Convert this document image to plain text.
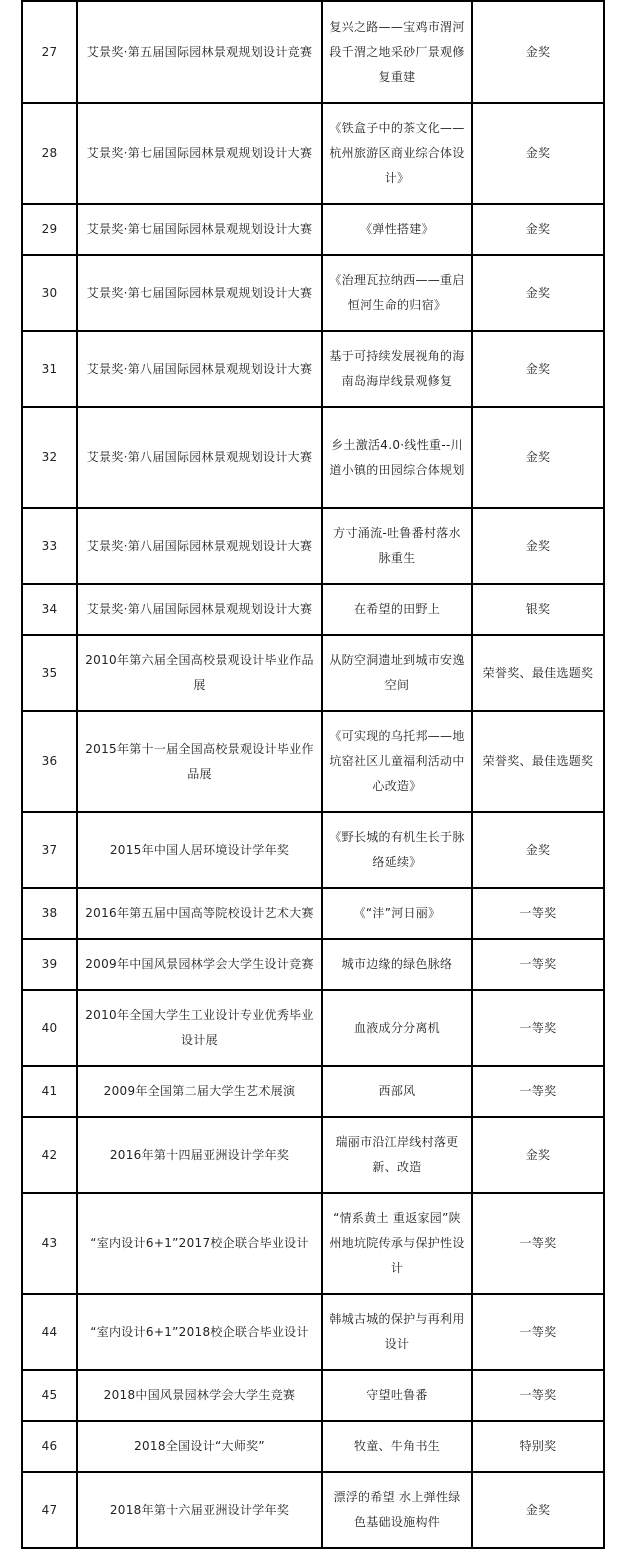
27	艾景奖·第五届国际园林景观规划设计竞赛	复兴之路——宝鸡市渭河段千渭之地采砂厂景观修复重建	金奖
28	艾景奖·第七届国际园林景观规划设计大赛	《铁盒子中的茶文化——杭州旅游区商业综合体设计》	金奖
29	艾景奖·第七届国际园林景观规划设计大赛	《弹性搭建》	金奖
30	艾景奖·第七届国际园林景观规划设计大赛	《治理瓦拉纳西——重启恒河生命的归宿》	金奖
31	艾景奖·第八届国际园林景观规划设计大赛	基于可持续发展视角的海南岛海岸线景观修复	金奖
32	艾景奖·第八届国际园林景观规划设计大赛	乡土激活4.0·线性重--川道小镇的田园综合体规划	金奖
33	艾景奖·第八届国际园林景观规划设计大赛	方寸涌流-吐鲁番村落水脉重生	金奖
34	艾景奖·第八届国际园林景观规划设计大赛	在希望的田野上	银奖
35	2010年第六届全国高校景观设计毕业作品展	从防空洞遗址到城市安逸空间	荣誉奖、最佳选题奖
36	2015年第十一届全国高校景观设计毕业作品展	《可实现的乌托邦——地坑窑社区儿童福利活动中心改造》	荣誉奖、最佳选题奖
37	2015年中国人居环境设计学年奖	《野长城的有机生长于脉络延续》	金奖
38	2016年第五届中国高等院校设计艺术大赛	《“沣”河日丽》	一等奖
39	2009年中国风景园林学会大学生设计竞赛	城市边缘的绿色脉络	一等奖
40	2010年全国大学生工业设计专业优秀毕业设计展	血液成分分离机	一等奖
41	2009年全国第二届大学生艺术展演	西部风	一等奖
42	2016年第十四届亚洲设计学年奖	瑞丽市沿江岸线村落更新、改造	金奖
43	“室内设计6+1”2017校企联合毕业设计	“情系黄土 重返家园”陕州地坑院传承与保护性设计	一等奖
44	“室内设计6+1”2018校企联合毕业设计	韩城古城的保护与再利用设计	一等奖
45	2018中国风景园林学会大学生竞赛	守望吐鲁番	一等奖
46	2018全国设计“大师奖”	牧童、牛角书生	特别奖
47	2018年第十六届亚洲设计学年奖	漂浮的希望 水上弹性绿色基础设施构件	金奖
